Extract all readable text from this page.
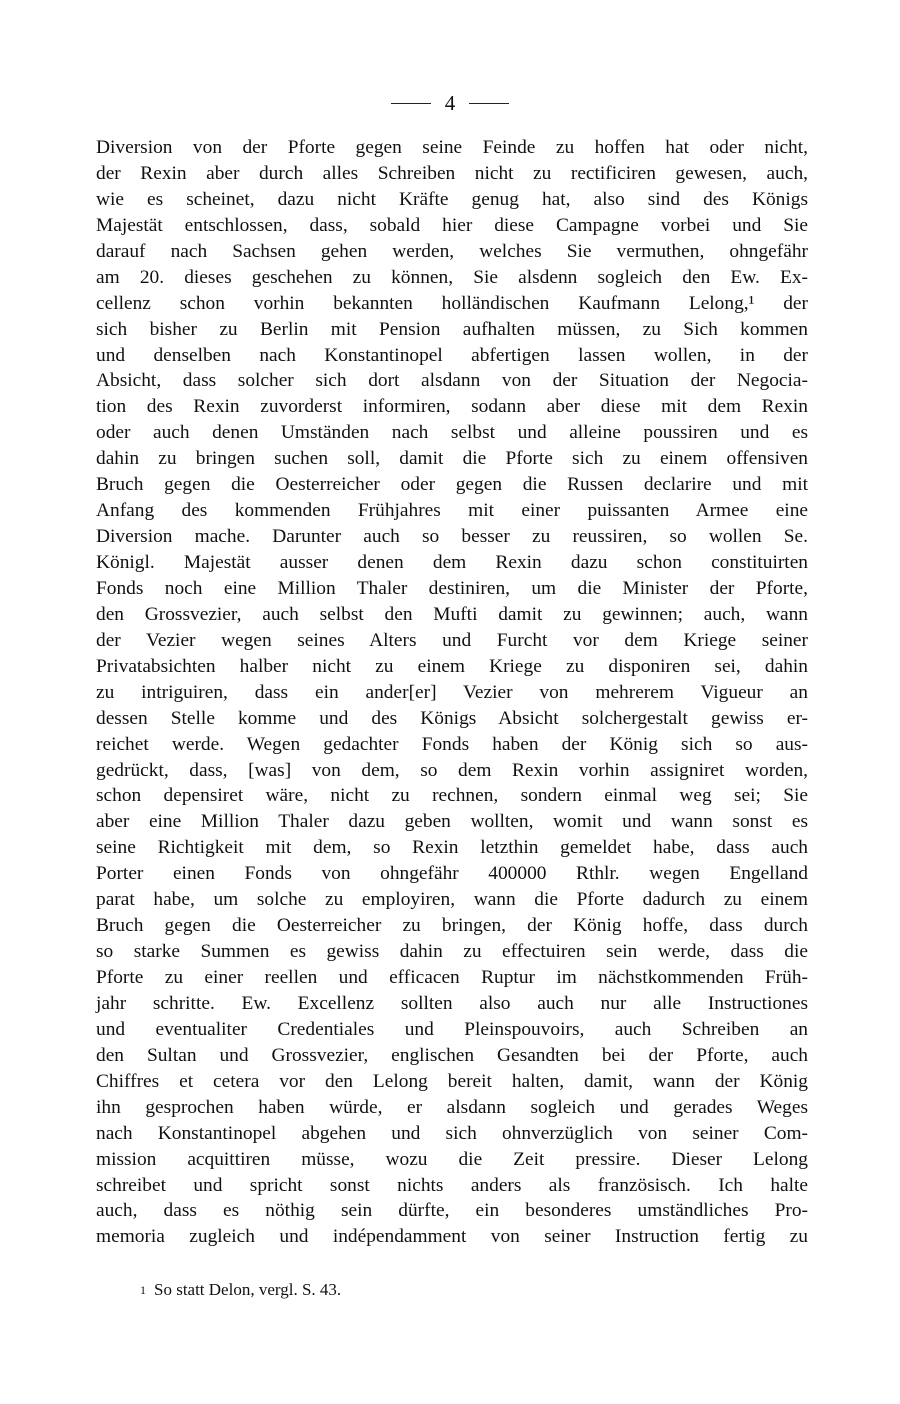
4
Diversion von der Pforte gegen seine Feinde zu hoffen hat oder nicht,
der Rexin aber durch alles Schreiben nicht zu rectificiren gewesen, auch,
wie es scheinet, dazu nicht Kräfte genug hat, also sind des Königs
Majestät entschlossen, dass, sobald hier diese Campagne vorbei und Sie
darauf nach Sachsen gehen werden, welches Sie vermuthen, ohngefähr
am 20. dieses geschehen zu können, Sie alsdenn sogleich den Ew. Ex-
cellenz schon vorhin bekannten holländischen Kaufmann Lelong,¹ der
sich bisher zu Berlin mit Pension aufhalten müssen, zu Sich kommen
und denselben nach Konstantinopel abfertigen lassen wollen, in der
Absicht, dass solcher sich dort alsdann von der Situation der Negocia-
tion des Rexin zuvorderst informiren, sodann aber diese mit dem Rexin
oder auch denen Umständen nach selbst und alleine poussiren und es
dahin zu bringen suchen soll, damit die Pforte sich zu einem offensiven
Bruch gegen die Oesterreicher oder gegen die Russen declarire und mit
Anfang des kommenden Frühjahres mit einer puissanten Armee eine
Diversion mache. Darunter auch so besser zu reussiren, so wollen Se.
Königl. Majestät ausser denen dem Rexin dazu schon constituirten
Fonds noch eine Million Thaler destiniren, um die Minister der Pforte,
den Grossvezier, auch selbst den Mufti damit zu gewinnen; auch, wann
der Vezier wegen seines Alters und Furcht vor dem Kriege seiner
Privatabsichten halber nicht zu einem Kriege zu disponiren sei, dahin
zu intriguiren, dass ein ander[er] Vezier von mehrerem Vigueur an
dessen Stelle komme und des Königs Absicht solchergestalt gewiss er-
reichet werde. Wegen gedachter Fonds haben der König sich so aus-
gedrückt, dass, [was] von dem, so dem Rexin vorhin assigniret worden,
schon depensiret wäre, nicht zu rechnen, sondern einmal weg sei; Sie
aber eine Million Thaler dazu geben wollten, womit und wann sonst es
seine Richtigkeit mit dem, so Rexin letzthin gemeldet habe, dass auch
Porter einen Fonds von ohngefähr 400000 Rthlr. wegen Engelland
parat habe, um solche zu employiren, wann die Pforte dadurch zu einem
Bruch gegen die Oesterreicher zu bringen, der König hoffe, dass durch
so starke Summen es gewiss dahin zu effectuiren sein werde, dass die
Pforte zu einer reellen und efficacen Ruptur im nächstkommenden Früh-
jahr schritte. Ew. Excellenz sollten also auch nur alle Instructiones
und eventualiter Credentiales und Pleinspouvoirs, auch Schreiben an
den Sultan und Grossvezier, englischen Gesandten bei der Pforte, auch
Chiffres et cetera vor den Lelong bereit halten, damit, wann der König
ihn gesprochen haben würde, er alsdann sogleich und gerades Weges
nach Konstantinopel abgehen und sich ohnverzüglich von seiner Com-
mission acquittiren müsse, wozu die Zeit pressire. Dieser Lelong
schreibet und spricht sonst nichts anders als französisch. Ich halte
auch, dass es nöthig sein dürfte, ein besonderes umständliches Pro-
memoria zugleich und indépendamment von seiner Instruction fertig zu
1 So statt Delon, vergl. S. 43.
